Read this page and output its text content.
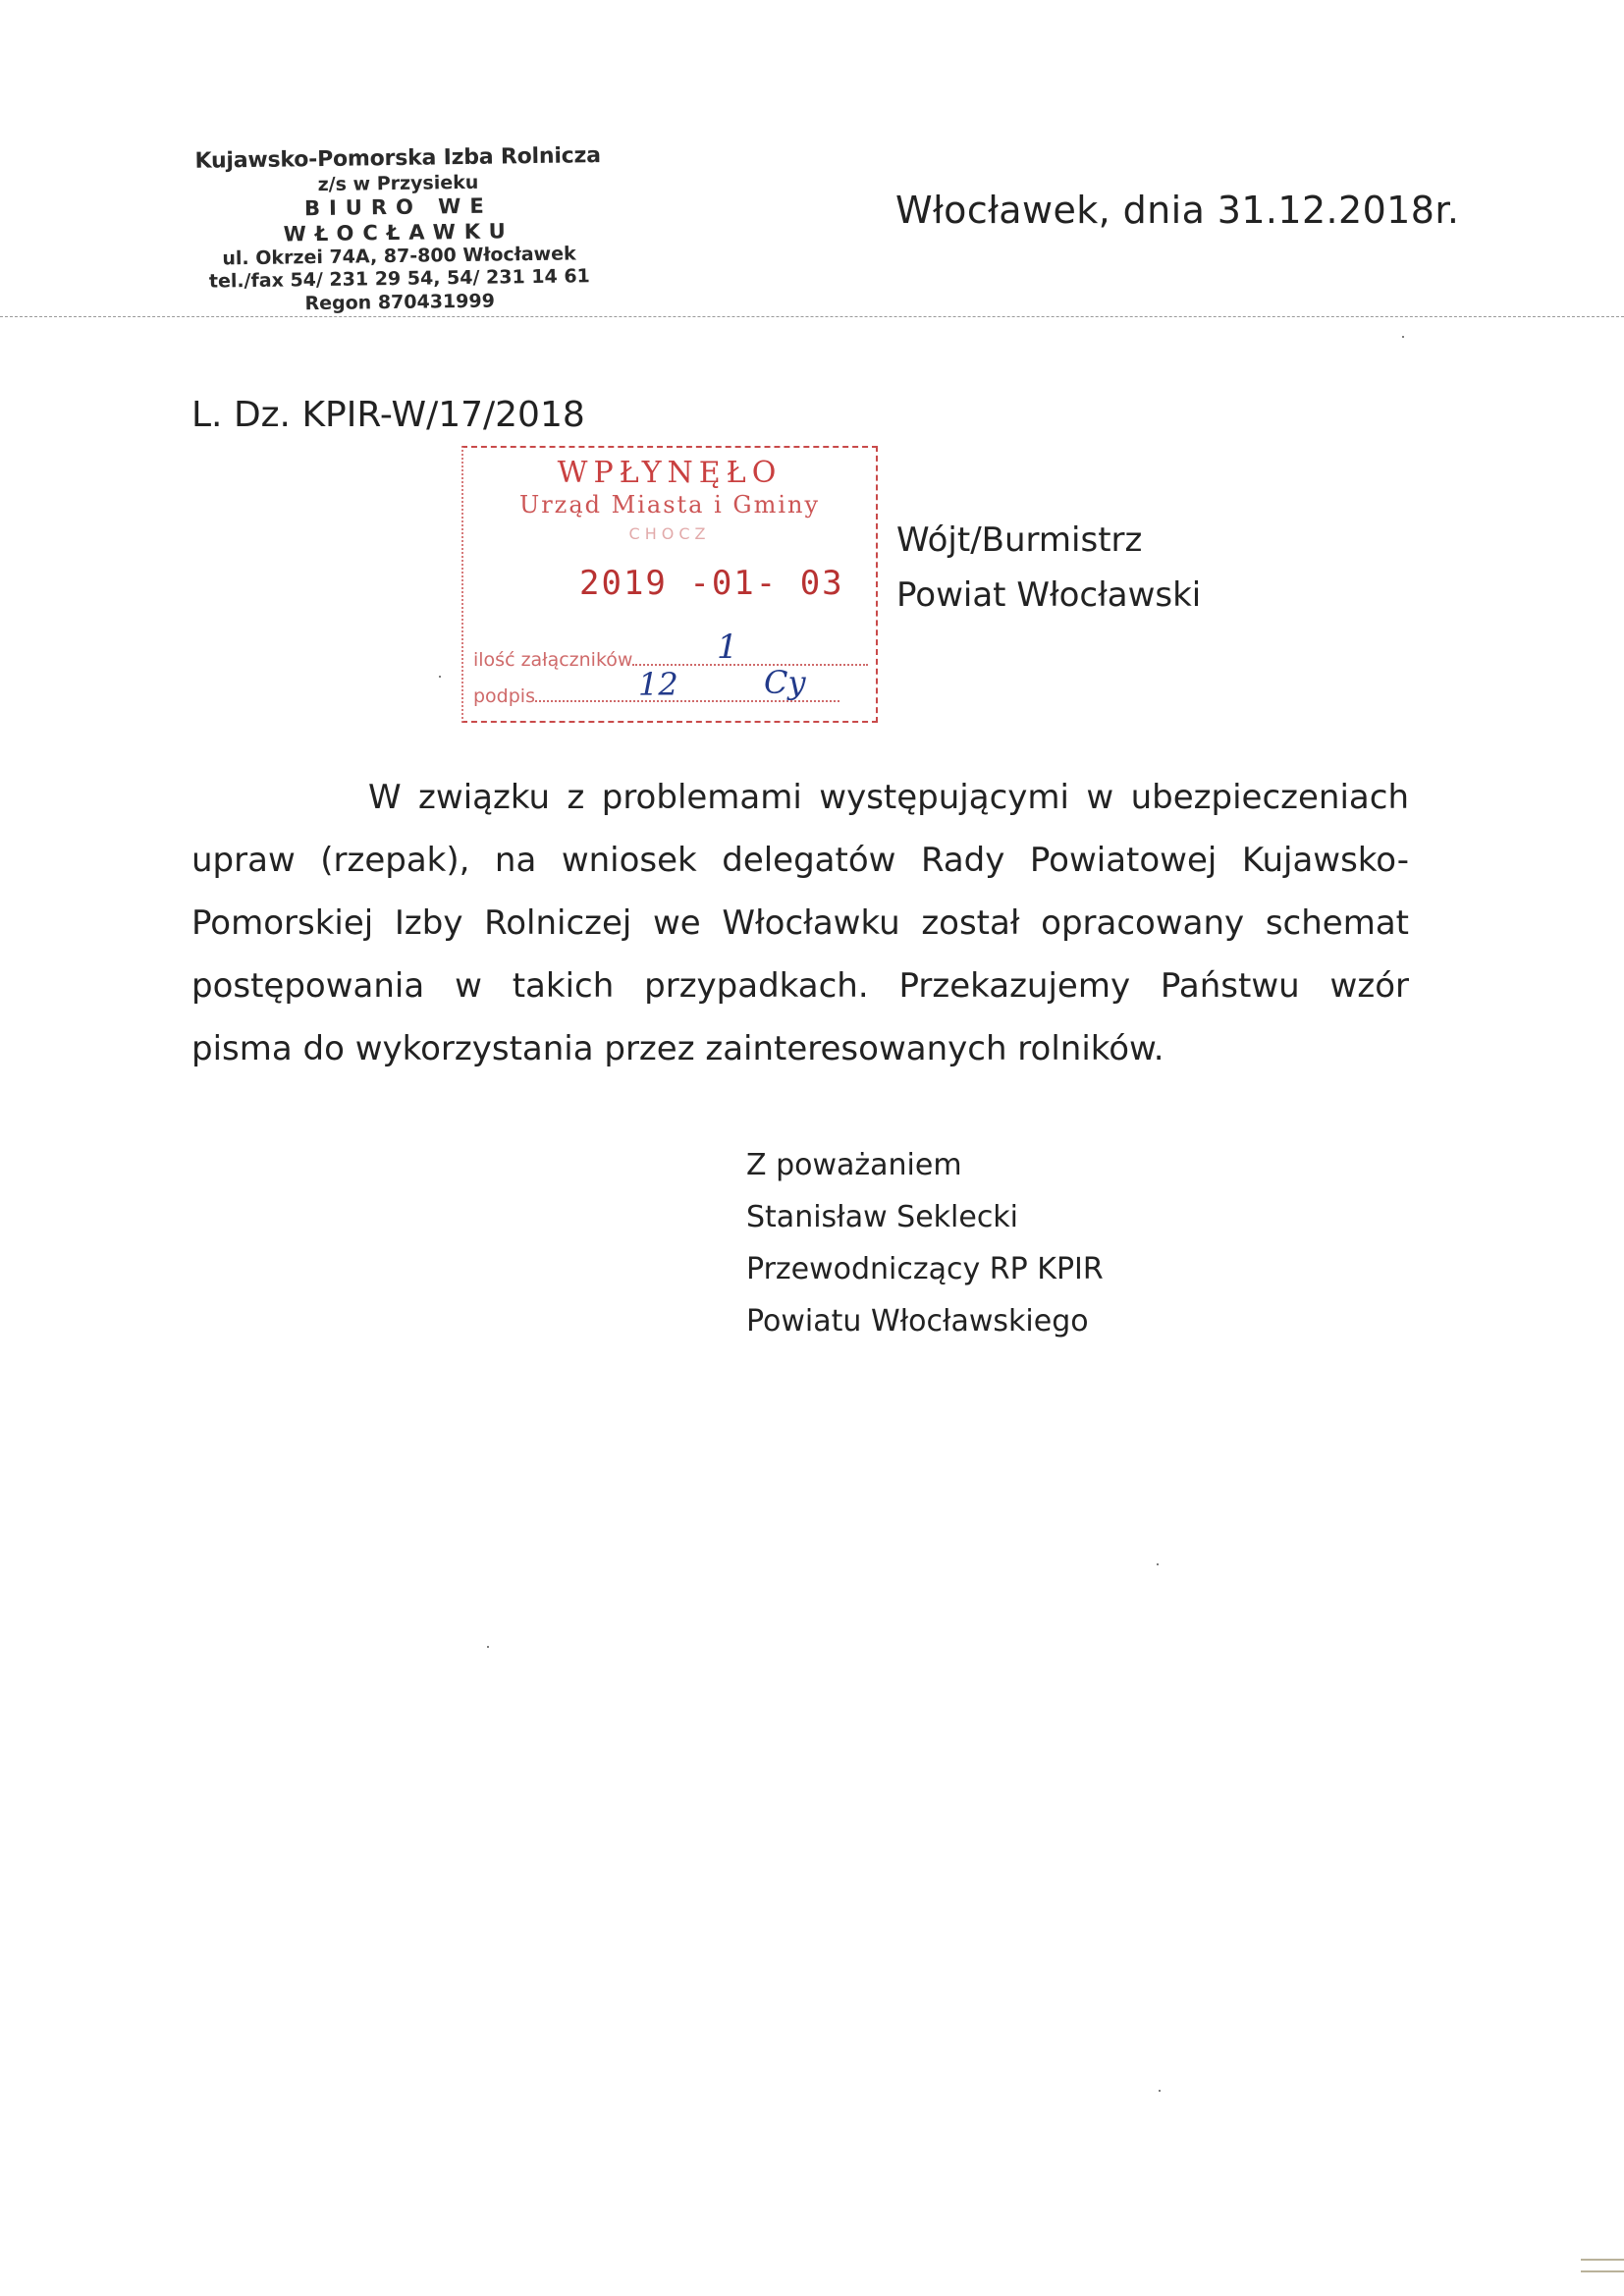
Kujawsko-Pomorska Izba Rolnicza
z/s w Przysieku
BIURO WE WŁOCŁAWKU
ul. Okrzei 74A, 87-800 Włocławek
tel./fax 54/ 231 29 54, 54/ 231 14 61
Regon 870431999
Włocławek, dnia 31.12.2018r.
L. Dz. KPIR-W/17/2018
WPŁYNĘŁO
Urząd Miasta i Gminy
CHOCZ
2019 -01- 03
ilość załączników	1
podpis	12	Cy
Wójt/Burmistrz
Powiat Włocławski
W związku z problemami występującymi w ubezpieczeniach
upraw (rzepak), na wniosek delegatów Rady Powiatowej Kujawsko-
Pomorskiej Izby Rolniczej we Włocławku został opracowany schemat
postępowania w takich przypadkach. Przekazujemy Państwu wzór
pisma do wykorzystania przez zainteresowanych rolników.
Z poważaniem
Stanisław Seklecki
Przewodniczący RP KPIR
Powiatu Włocławskiego
